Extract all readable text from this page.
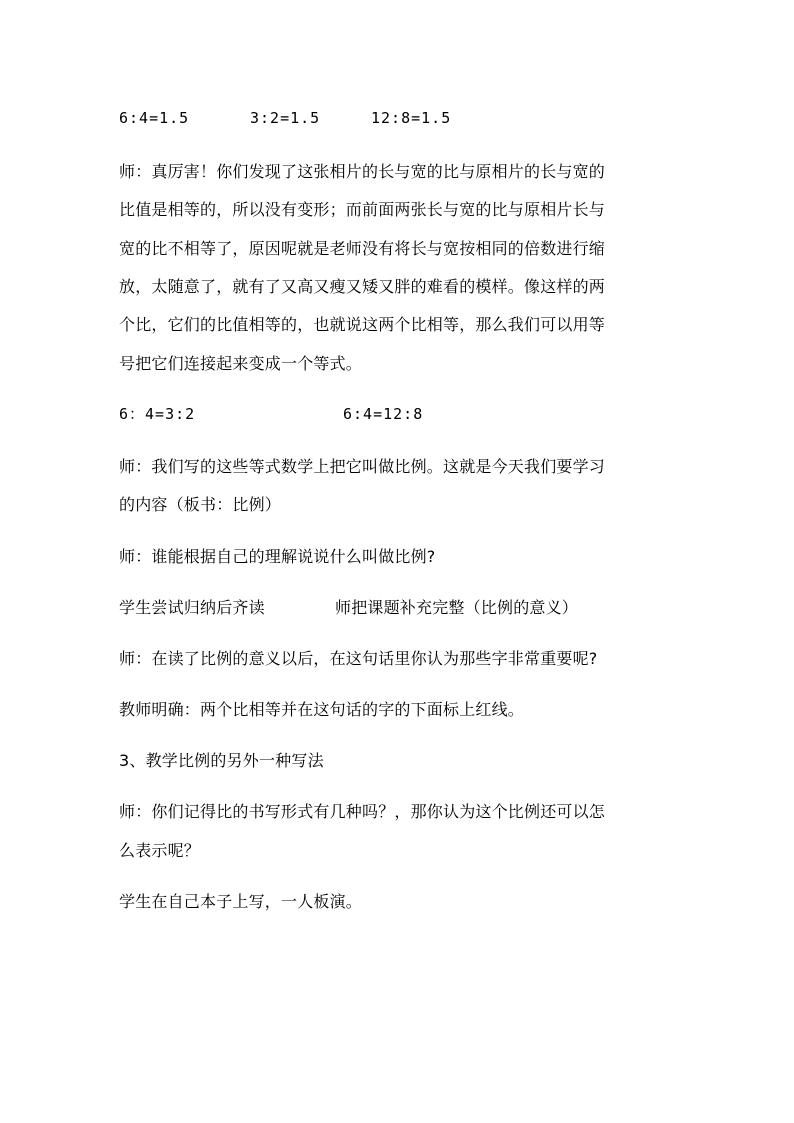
6:4=1.5

	3:2=1.5

	12:8=1.5

师：真厉害！你们发现了这张相片的长与宽的比与原相片的长与宽的
比值是相等的，所以没有变形；而前面两张长与宽的比与原相片长与
宽的比不相等了，原因呢就是老师没有将长与宽按相同的倍数进行缩
放，太随意了，就有了又高又瘦又矮又胖的难看的模样。像这样的两
个比，它们的比值相等的，也就说这两个比相等，那么我们可以用等
号把它们连接起来变成一个等式。

6：4=3:2

	6:4=12:8

师：我们写的这些等式数学上把它叫做比例。这就是今天我们要学习
的内容（板书：比例）
师：谁能根据自己的理解说说什么叫做比例?

学生尝试归纳后齐读

	师把课题补充完整（比例的意义）

师：在读了比例的意义以后，在这句话里你认为那些字非常重要呢?
教师明确：两个比相等并在这句话的字的下面标上红线。
3、教学比例的另外一种写法
师：你们记得比的书写形式有几种吗？，那你认为这个比例还可以怎
么表示呢？
学生在自己本子上写，一人板演。
